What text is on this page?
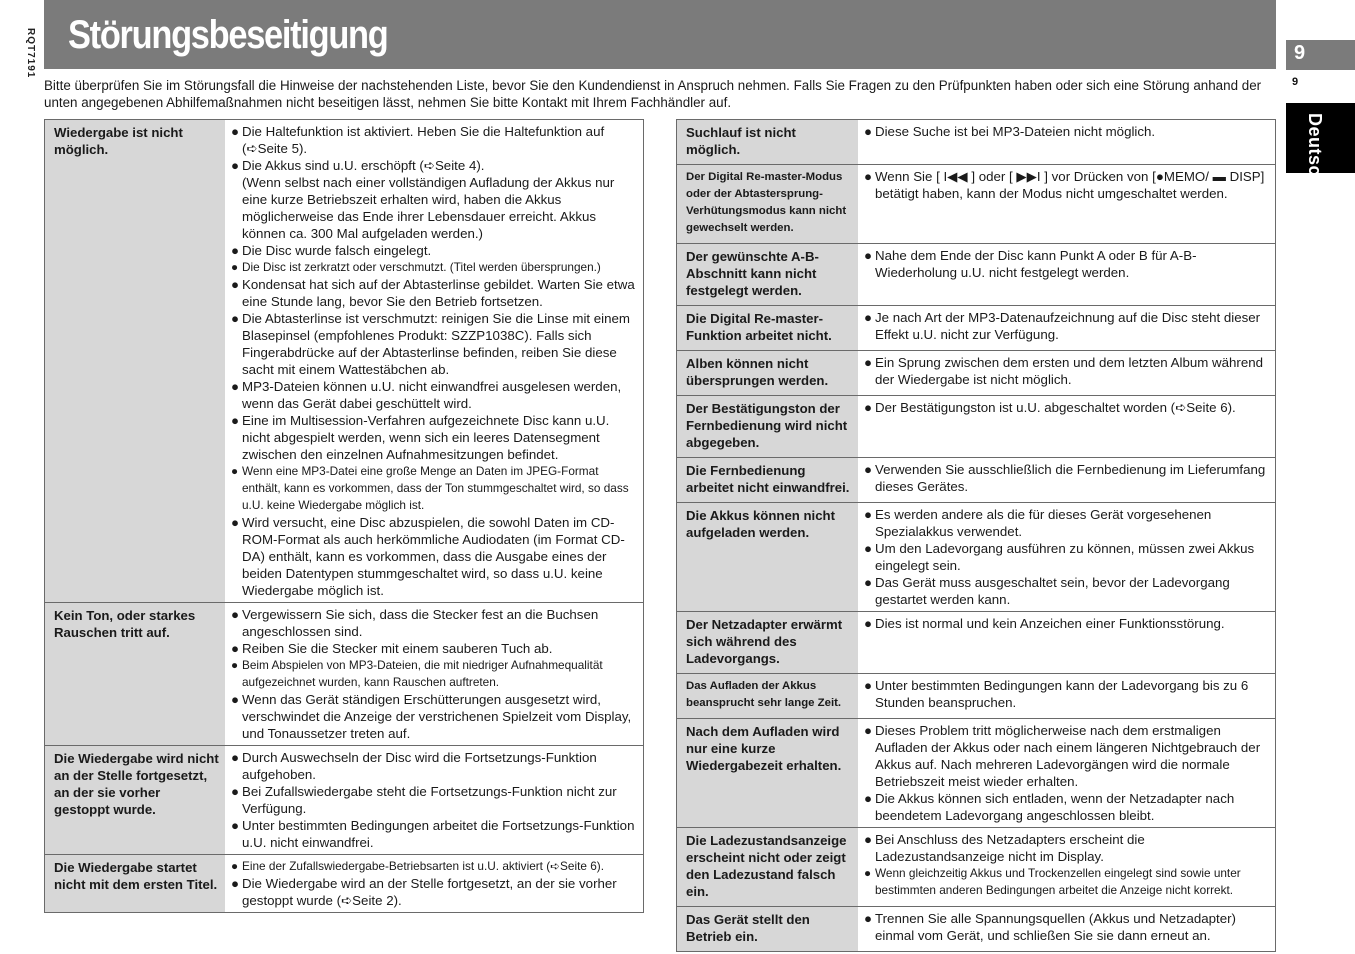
RQT7191 Störungsbeseitigung	9
9
Deutsch

Bitte überprüfen Sie im Störungsfall die Hinweise der nachstehenden Liste, bevor Sie den Kundendienst in Anspruch nehmen. Falls Sie Fragen zu den Prüfpunkten haben oder sich eine Störung anhand der unten angegebenen Abhilfemaßnahmen nicht beseitigen lässt, nehmen Sie bitte Kontakt mit Ihrem Fachhändler auf.

Wiedergabe ist nicht möglich.
● Die Haltefunktion ist aktiviert. Heben Sie die Haltefunktion auf (➪Seite 5).
● Die Akkus sind u.U. erschöpft (➪Seite 4).
(Wenn selbst nach einer vollständigen Aufladung der Akkus nur eine kurze Betriebszeit erhalten wird, haben die Akkus möglicherweise das Ende ihrer Lebensdauer erreicht. Akkus können ca. 300 Mal aufgeladen werden.)
● Die Disc wurde falsch eingelegt.
● Die Disc ist zerkratzt oder verschmutzt. (Titel werden übersprungen.)
● Kondensat hat sich auf der Abtasterlinse gebildet. Warten Sie etwa eine Stunde lang, bevor Sie den Betrieb fortsetzen.
● Die Abtasterlinse ist verschmutzt: reinigen Sie die Linse mit einem Blasepinsel (empfohlenes Produkt: SZZP1038C). Falls sich Fingerabdrücke auf der Abtasterlinse befinden, reiben Sie diese sacht mit einem Wattestäbchen ab.
● MP3-Dateien können u.U. nicht einwandfrei ausgelesen werden, wenn das Gerät dabei geschüttelt wird.
● Eine im Multisession-Verfahren aufgezeichnete Disc kann u.U. nicht abgespielt werden, wenn sich ein leeres Datensegment zwischen den einzelnen Aufnahmesitzungen befindet.
● Wenn eine MP3-Datei eine große Menge an Daten im JPEG-Format enthält, kann es vorkommen, dass der Ton stummgeschaltet wird, so dass u.U. keine Wiedergabe möglich ist.
● Wird versucht, eine Disc abzuspielen, die sowohl Daten im CD-ROM-Format als auch herkömmliche Audiodaten (im Format CD-DA) enthält, kann es vorkommen, dass die Ausgabe eines der beiden Datentypen stummgeschaltet wird, so dass u.U. keine Wiedergabe möglich ist.
Kein Ton, oder starkes Rauschen tritt auf.
● Vergewissern Sie sich, dass die Stecker fest an die Buchsen angeschlossen sind.
● Reiben Sie die Stecker mit einem sauberen Tuch ab.
● Beim Abspielen von MP3-Dateien, die mit niedriger Aufnahmequalität aufgezeichnet wurden, kann Rauschen auftreten.
● Wenn das Gerät ständigen Erschütterungen ausgesetzt wird, verschwindet die Anzeige der verstrichenen Spielzeit vom Display, und Tonaussetzer treten auf.
Die Wiedergabe wird nicht an der Stelle fortgesetzt, an der sie vorher gestoppt wurde.
● Durch Auswechseln der Disc wird die Fortsetzungs-Funktion aufgehoben.
● Bei Zufallswiedergabe steht die Fortsetzungs-Funktion nicht zur Verfügung.
● Unter bestimmten Bedingungen arbeitet die Fortsetzungs-Funktion u.U. nicht einwandfrei.
Die Wiedergabe startet nicht mit dem ersten Titel.
● Eine der Zufallswiedergabe-Betriebsarten ist u.U. aktiviert (➪Seite 6).
● Die Wiedergabe wird an der Stelle fortgesetzt, an der sie vorher gestoppt wurde (➪Seite 2).
Suchlauf ist nicht möglich.
● Diese Suche ist bei MP3-Dateien nicht möglich.
Der Digital Re-master-Modus oder der Abtastersprung-Verhütungsmodus kann nicht gewechselt werden.
● Wenn Sie [ I◀◀ ] oder [ ▶▶I ] vor Drücken von [●MEMO/ ▬ DISP] betätigt haben, kann der Modus nicht umgeschaltet werden.
Der gewünschte A-B-Abschnitt kann nicht festgelegt werden.
● Nahe dem Ende der Disc kann Punkt A oder B für A-B-Wiederholung u.U. nicht festgelegt werden.
Die Digital Re-master-Funktion arbeitet nicht.
● Je nach Art der MP3-Datenaufzeichnung auf die Disc steht dieser Effekt u.U. nicht zur Verfügung.
Alben können nicht übersprungen werden.
● Ein Sprung zwischen dem ersten und dem letzten Album während der Wiedergabe ist nicht möglich.
Der Bestätigungston der Fernbedienung wird nicht abgegeben.
● Der Bestätigungston ist u.U. abgeschaltet worden (➪Seite 6).
Die Fernbedienung arbeitet nicht einwandfrei.
● Verwenden Sie ausschließlich die Fernbedienung im Lieferumfang dieses Gerätes.
Die Akkus können nicht aufgeladen werden.
● Es werden andere als die für dieses Gerät vorgesehenen Spezialakkus verwendet.
● Um den Ladevorgang ausführen zu können, müssen zwei Akkus eingelegt sein.
● Das Gerät muss ausgeschaltet sein, bevor der Ladevorgang gestartet werden kann.
Der Netzadapter erwärmt sich während des Ladevorgangs.
● Dies ist normal und kein Anzeichen einer Funktionsstörung.
Das Aufladen der Akkus beansprucht sehr lange Zeit.
● Unter bestimmten Bedingungen kann der Ladevorgang bis zu 6 Stunden beanspruchen.
Nach dem Aufladen wird nur eine kurze Wiedergabezeit erhalten.
● Dieses Problem tritt möglicherweise nach dem erstmaligen Aufladen der Akkus oder nach einem längeren Nichtgebrauch der Akkus auf. Nach mehreren Ladevorgängen wird die normale Betriebszeit meist wieder erhalten.
● Die Akkus können sich entladen, wenn der Netzadapter nach beendetem Ladevorgang angeschlossen bleibt.
Die Ladezustandsanzeige erscheint nicht oder zeigt den Ladezustand falsch ein.
● Bei Anschluss des Netzadapters erscheint die Ladezustandsanzeige nicht im Display.
● Wenn gleichzeitig Akkus und Trockenzellen eingelegt sind sowie unter bestimmten anderen Bedingungen arbeitet die Anzeige nicht korrekt.
Das Gerät stellt den Betrieb ein.
● Trennen Sie alle Spannungsquellen (Akkus und Netzadapter) einmal vom Gerät, und schließen Sie sie dann erneut an.
